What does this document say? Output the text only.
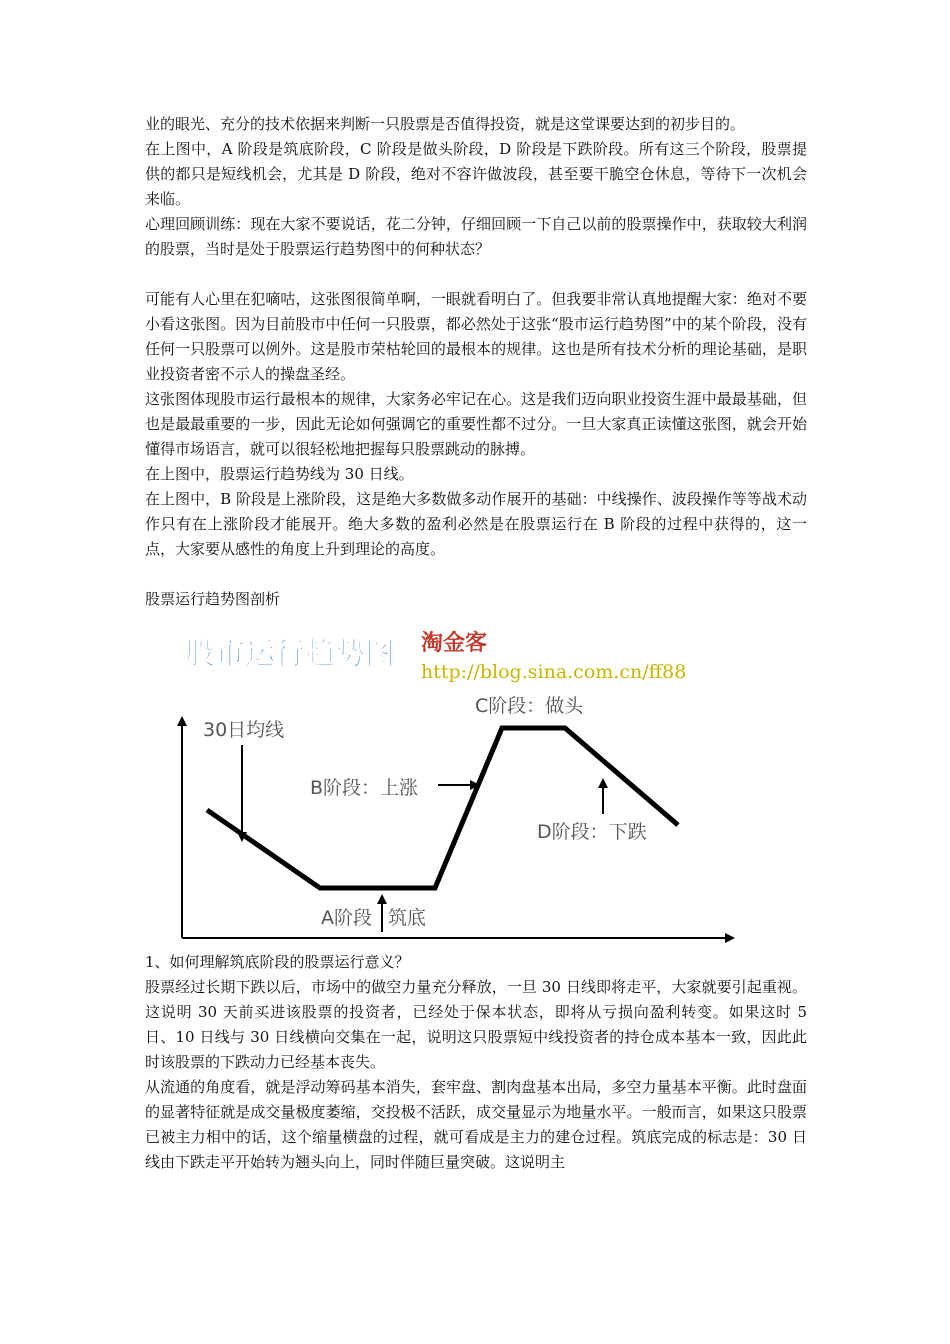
业的眼光、充分的技术依据来判断一只股票是否值得投资，就是这堂课要达到的初步目的。

在上图中，A 阶段是筑底阶段，C 阶段是做头阶段，D 阶段是下跌阶段。所有这三个阶段，股票提供的都只是短线机会，尤其是 D 阶段，绝对不容许做波段，甚至要干脆空仓休息，等待下一次机会来临。

心理回顾训练：现在大家不要说话，花二分钟，仔细回顾一下自己以前的股票操作中，获取较大利润的股票，当时是处于股票运行趋势图中的何种状态？

可能有人心里在犯嘀咕，这张图很简单啊，一眼就看明白了。但我要非常认真地提醒大家：绝对不要小看这张图。因为目前股市中任何一只股票，都必然处于这张“股市运行趋势图”中的某个阶段，没有任何一只股票可以例外。这是股市荣枯轮回的最根本的规律。这也是所有技术分析的理论基础，是职业投资者密不示人的操盘圣经。

这张图体现股市运行最根本的规律，大家务必牢记在心。这是我们迈向职业投资生涯中最最基础，但也是最最重要的一步，因此无论如何强调它的重要性都不过分。一旦大家真正读懂这张图，就会开始懂得市场语言，就可以很轻松地把握每只股票跳动的脉搏。

在上图中，股票运行趋势线为 30 日线。

在上图中，B 阶段是上涨阶段，这是绝大多数做多动作展开的基础：中线操作、波段操作等等战术动作只有在上涨阶段才能展开。绝大多数的盈利必然是在股票运行在 B 阶段的过程中获得的，这一点，大家要从感性的角度上升到理论的高度。

股票运行趋势图剖析

股市运行趋势图 淘金客
http://blog.sina.com.cn/ff88
30日均线
B阶段：上涨
C阶段：做头
D阶段：下跌
A阶段 筑底

1、如何理解筑底阶段的股票运行意义？

股票经过长期下跌以后，市场中的做空力量充分释放，一旦 30 日线即将走平，大家就要引起重视。这说明 30 天前买进该股票的投资者，已经处于保本状态，即将从亏损向盈利转变。如果这时 5 日、10 日线与 30 日线横向交集在一起，说明这只股票短中线投资者的持仓成本基本一致，因此此时该股票的下跌动力已经基本丧失。

从流通的角度看，就是浮动筹码基本消失，套牢盘、割肉盘基本出局，多空力量基本平衡。此时盘面的显著特征就是成交量极度萎缩，交投极不活跃，成交量显示为地量水平。一般而言，如果这只股票已被主力相中的话，这个缩量横盘的过程，就可看成是主力的建仓过程。筑底完成的标志是：30 日线由下跌走平开始转为翘头向上，同时伴随巨量突破。这说明主
